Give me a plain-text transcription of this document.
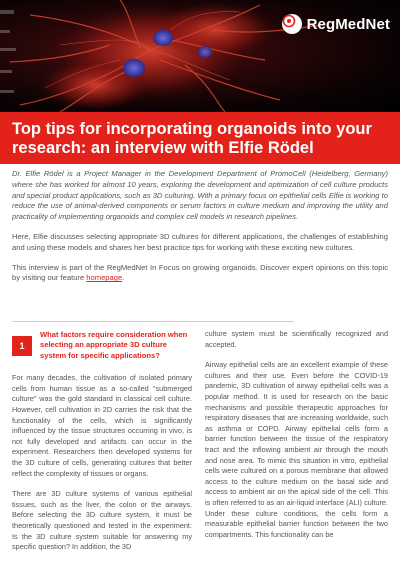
RegMedNet
Top tips for incorporating organoids into your research: an interview with Elfie Rödel

Dr. Elfie Rödel is a Project Manager in the Development Department of PromoCell (Heidelberg, Germany) where she has worked for almost 10 years, exploring the development and optimization of cell culture products and special product applications, such as 3D culturing. With a primary focus on epithelial cells Elfie is working to reduce the use of animal-derived components or serum factors in culture medium and improving the utility and practicality of implementing organoids and complex cell models in research pipelines.

Here, Elfie discusses selecting appropriate 3D cultures for different applications, the challenges of establishing and using these models and shares her best practice tips for working with these exciting new cultures.

This interview is part of the RegMedNet In Focus on growing organoids. Discover expert opinions on this topic by visiting our feature homepage.

1
What factors require consideration when selecting an appropriate 3D culture system for specific applications?

For many decades, the cultivation of isolated primary cells from human tissue as a so-called "submerged culture" was the gold standard in classical cell culture. However, cell cultivation in 2D carries the risk that the functionality of the cells, which is significantly influenced by the tissue structures occurring in vivo, is not fully developed and artifacts can occur in the experiment. Researchers then developed systems for the 3D culture of cells, generating cultures that better reflect the complexity of tissues or organs.

There are 3D culture systems of various epithelial tissues, such as the liver, the colon or the airways. Before selecting the 3D culture system, it must be theoretically questioned and tested in the experiment: Is the 3D culture system suitable for answering my specific question? In addition, the 3D

culture system must be scientifically recognized and accepted.

Airway epithelial cells are an excellent example of these cultures and their use. Even before the COVID-19 pandemic, 3D cultivation of airway epithelial cells was a popular method. It is used for research on the basic mechanisms and possible therapeutic approaches for respiratory diseases that are increasing worldwide, such as asthma or COPD. Airway epithelial cells form a barrier function between the tissue of the respiratory tract and the inflowing ambient air through the mouth and nose area. To mimic this situation in vitro, epithelial cells were cultured on a porous membrane that allowed access to the culture medium on the basal side and access to ambient air on the apical side of the cell. This is often referred to as an air-liquid interface (ALI) culture. Under these culture conditions, the cells form a measurable epithelial barrier function between the two compartments. This functionality can be
